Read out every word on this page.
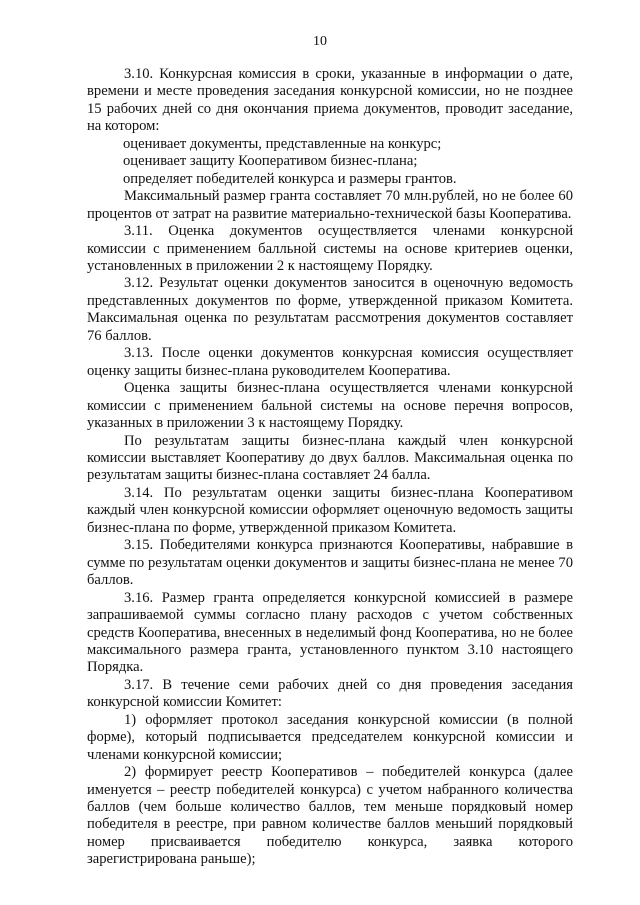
10

3.10. Конкурсная комиссия в сроки, указанные в информации о дате, времени и месте проведения заседания конкурсной комиссии, но не позднее 15 рабочих дней со дня окончания приема документов, проводит заседание, на котором:

оценивает документы, представленные на конкурс;

оценивает защиту Кооперативом бизнес-плана;

определяет победителей конкурса и размеры грантов.

Максимальный размер гранта составляет 70 млн.рублей, но не более 60 процентов от затрат на развитие материально-технической базы Кооператива.

3.11. Оценка документов осуществляется членами конкурсной комиссии с применением балльной системы на основе критериев оценки, установленных в приложении 2 к настоящему Порядку.

3.12. Результат оценки документов заносится в оценочную ведомость представленных документов по форме, утвержденной приказом Комитета. Максимальная оценка по результатам рассмотрения документов составляет 76 баллов.

3.13. После оценки документов конкурсная комиссия осуществляет оценку защиты бизнес-плана руководителем Кооператива.

Оценка защиты бизнес-плана осуществляется членами конкурсной комиссии с применением бальной системы на основе перечня вопросов, указанных в приложении 3 к настоящему Порядку.

По результатам защиты бизнес-плана каждый член конкурсной комиссии выставляет Кооперативу до двух баллов. Максимальная оценка по результатам защиты бизнес-плана составляет 24 балла.

3.14. По результатам оценки защиты бизнес-плана Кооперативом каждый член конкурсной комиссии оформляет оценочную ведомость защиты бизнес-плана по форме, утвержденной приказом Комитета.

3.15. Победителями конкурса признаются Кооперативы, набравшие в сумме по результатам оценки документов и защиты бизнес-плана не менее 70 баллов.

3.16. Размер гранта определяется конкурсной комиссией в размере запрашиваемой суммы согласно плану расходов с учетом собственных средств Кооператива, внесенных в неделимый фонд Кооператива, но не более максимального размера гранта, установленного пунктом 3.10 настоящего Порядка.

3.17. В течение семи рабочих дней со дня проведения заседания конкурсной комиссии Комитет:

1) оформляет протокол заседания конкурсной комиссии (в полной форме), который подписывается председателем конкурсной комиссии и членами конкурсной комиссии;

2) формирует реестр Кооперативов – победителей конкурса (далее именуется – реестр победителей конкурса) с учетом набранного количества баллов (чем больше количество баллов, тем меньше порядковый номер победителя в реестре, при равном количестве баллов меньший порядковый номер присваивается победителю конкурса, заявка которого зарегистрирована раньше);
